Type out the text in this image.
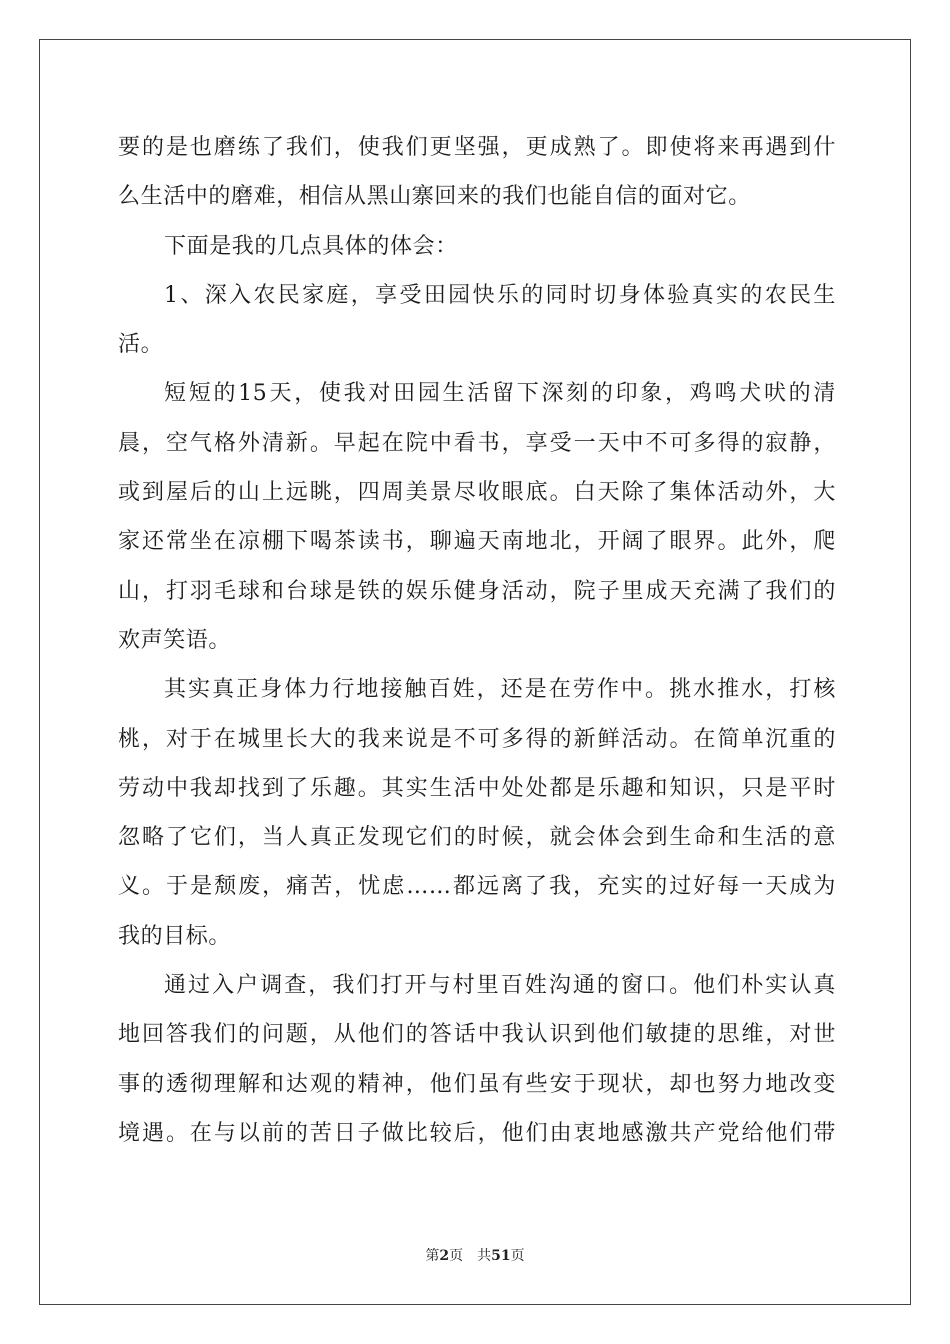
要的是也磨练了我们，使我们更坚强，更成熟了。即使将来再遇到什
么生活中的磨难，相信从黑山寨回来的我们也能自信的面对它。
下面是我的几点具体的体会：
1、深入农民家庭，享受田园快乐的同时切身体验真实的农民生
活。
短短的15天，使我对田园生活留下深刻的印象，鸡鸣犬吠的清
晨，空气格外清新。早起在院中看书，享受一天中不可多得的寂静，
或到屋后的山上远眺，四周美景尽收眼底。白天除了集体活动外，大
家还常坐在凉棚下喝茶读书，聊遍天南地北，开阔了眼界。此外，爬
山，打羽毛球和台球是铁的娱乐健身活动，院子里成天充满了我们的
欢声笑语。
其实真正身体力行地接触百姓，还是在劳作中。挑水推水，打核
桃，对于在城里长大的我来说是不可多得的新鲜活动。在简单沉重的
劳动中我却找到了乐趣。其实生活中处处都是乐趣和知识，只是平时
忽略了它们，当人真正发现它们的时候，就会体会到生命和生活的意
义。于是颓废，痛苦，忧虑……都远离了我，充实的过好每一天成为
我的目标。
通过入户调查，我们打开与村里百姓沟通的窗口。他们朴实认真
地回答我们的问题，从他们的答话中我认识到他们敏捷的思维，对世
事的透彻理解和达观的精神，他们虽有些安于现状，却也努力地改变
境遇。在与以前的苦日子做比较后，他们由衷地感激共产党给他们带
第2页 共51页
